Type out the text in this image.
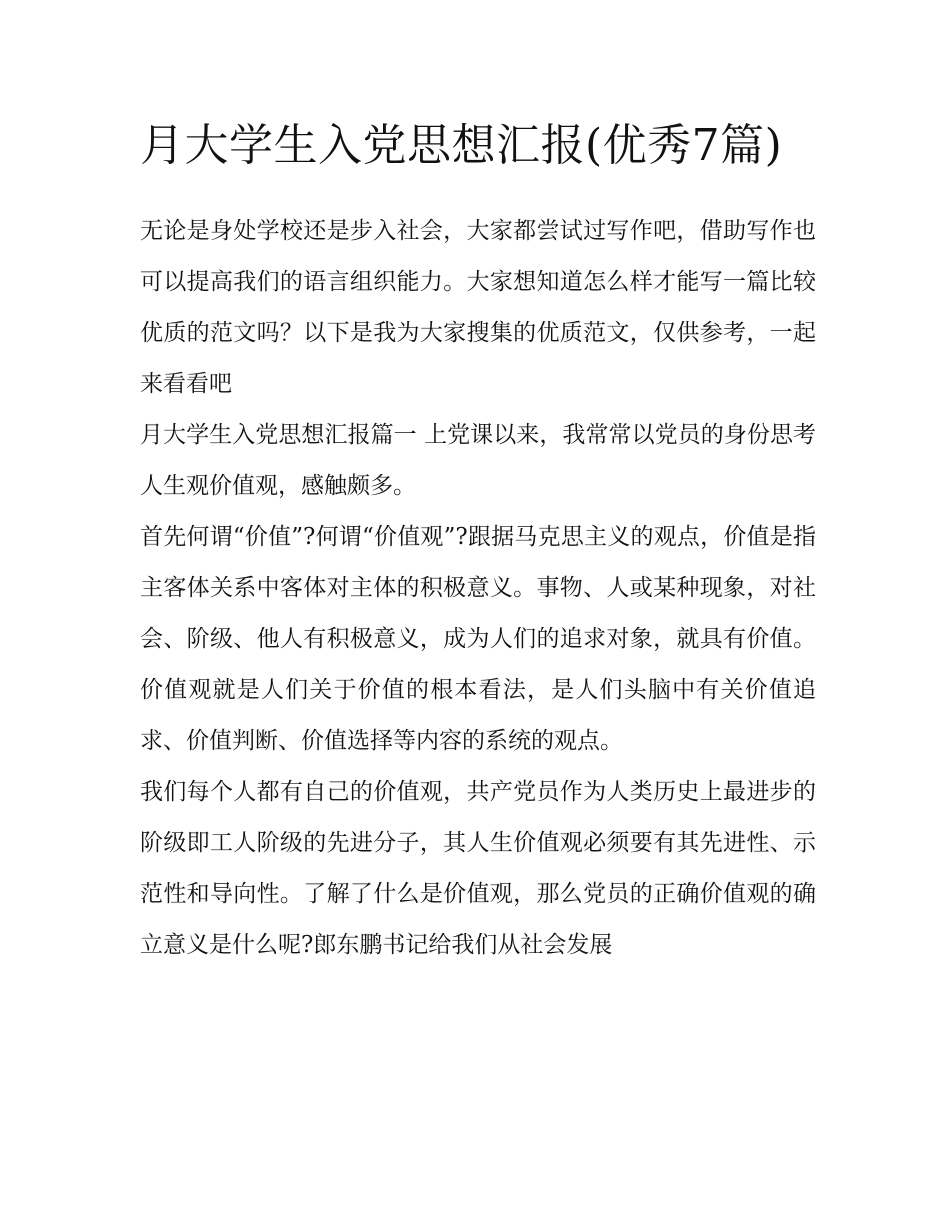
月大学生入党思想汇报(优秀7篇)

无论是身处学校还是步入社会，大家都尝试过写作吧，借助写作也可以提高我们的语言组织能力。大家想知道怎么样才能写一篇比较优质的范文吗？以下是我为大家搜集的优质范文，仅供参考，一起来看看吧

月大学生入党思想汇报篇一 上党课以来，我常常以党员的身份思考人生观价值观，感触颇多。

首先何谓“价值”?何谓“价值观”?跟据马克思主义的观点，价值是指主客体关系中客体对主体的积极意义。事物、人或某种现象，对社会、阶级、他人有积极意义，成为人们的追求对象，就具有价值。价值观就是人们关于价值的根本看法，是人们头脑中有关价值追求、价值判断、价值选择等内容的系统的观点。

我们每个人都有自己的价值观，共产党员作为人类历史上最进步的阶级即工人阶级的先进分子，其人生价值观必须要有其先进性、示范性和导向性。了解了什么是价值观，那么党员的正确价值观的确立意义是什么呢?郎东鹏书记给我们从社会发展
